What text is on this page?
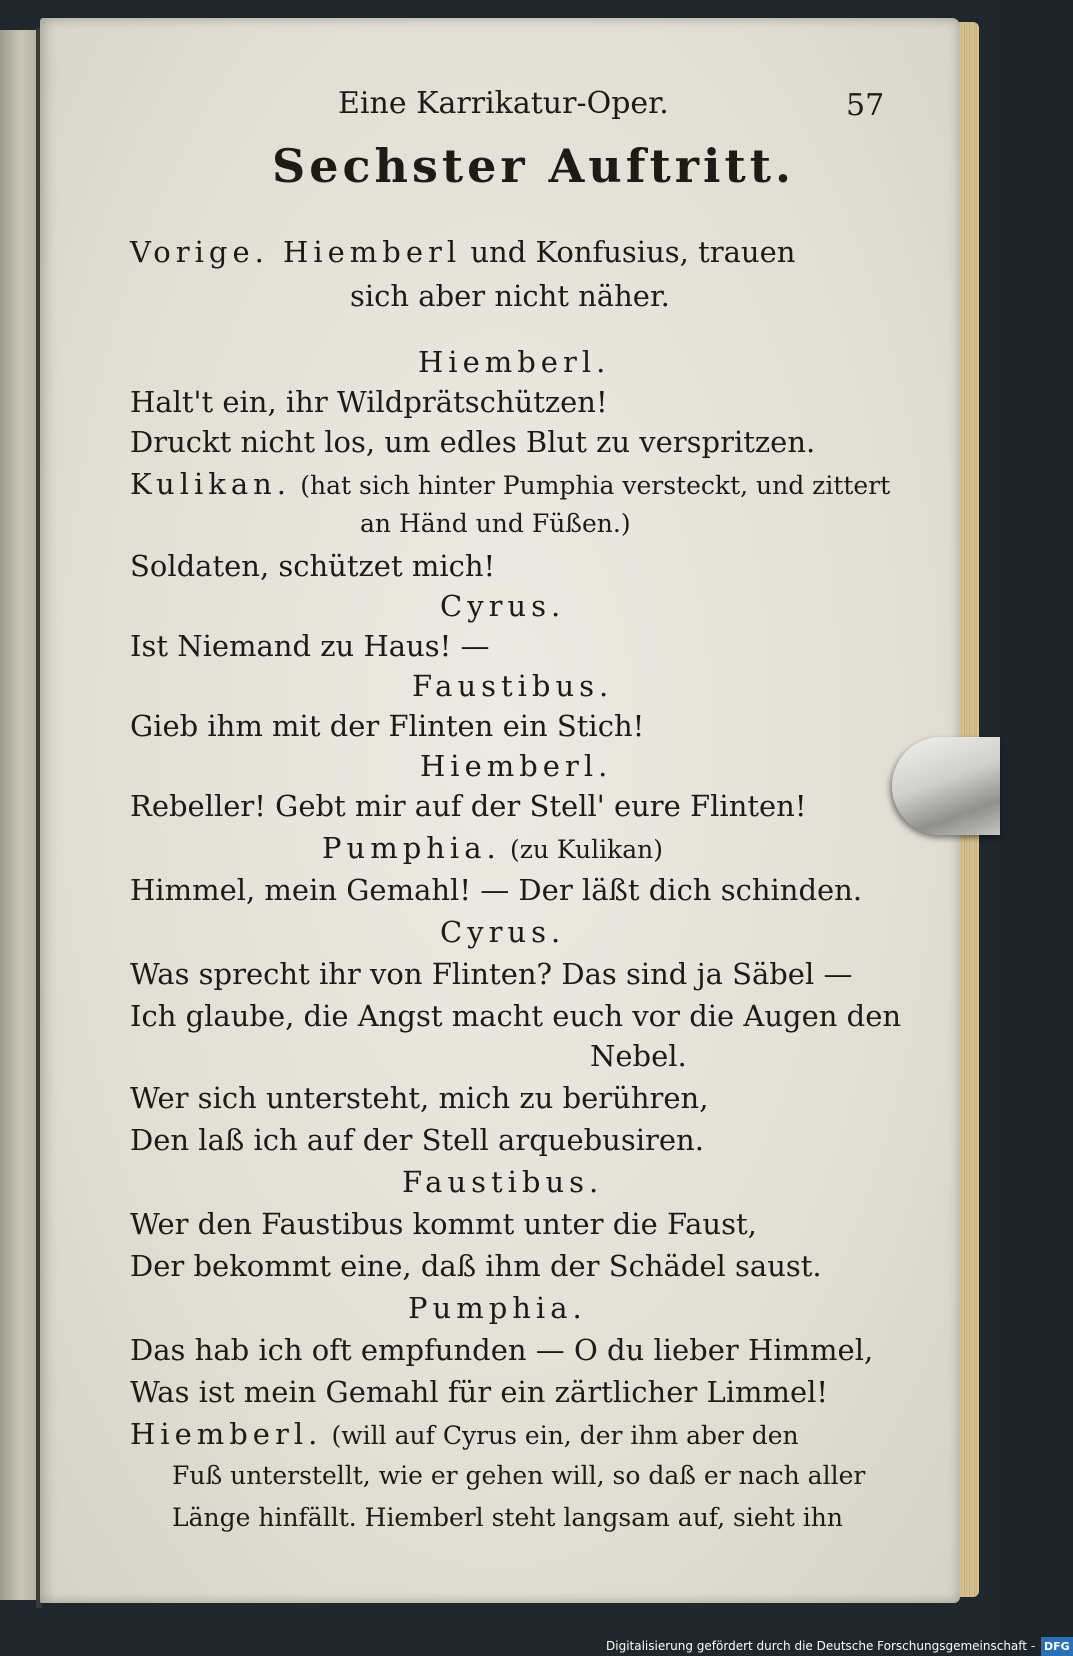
Eine Karrikatur-Oper.	57
Sechster Auftritt.
Vorige. Hiemberl und Konfusius, trauen
sich aber nicht näher.
Hiemberl.
Halt't ein, ihr Wildprätschützen!
Druckt nicht los, um edles Blut zu verspritzen.
Kulikan. (hat sich hinter Pumphia versteckt, und zittert
an Händ und Füßen.)
Soldaten, schützet mich!
Cyrus.
Ist Niemand zu Haus! —
Faustibus.
Gieb ihm mit der Flinten ein Stich!
Hiemberl.
Rebeller! Gebt mir auf der Stell' eure Flinten!
Pumphia. (zu Kulikan)
Himmel, mein Gemahl! — Der läßt dich schinden.
Cyrus.
Was sprecht ihr von Flinten? Das sind ja Säbel —
Ich glaube, die Angst macht euch vor die Augen den
Nebel.
Wer sich untersteht, mich zu berühren,
Den laß ich auf der Stell arquebusiren.
Faustibus.
Wer den Faustibus kommt unter die Faust,
Der bekommt eine, daß ihm der Schädel saust.
Pumphia.
Das hab ich oft empfunden — O du lieber Himmel,
Was ist mein Gemahl für ein zärtlicher Limmel!
Hiemberl. (will auf Cyrus ein, der ihm aber den
Fuß unterstellt, wie er gehen will, so daß er nach aller
Länge hinfällt. Hiemberl steht langsam auf, sieht ihn
Digitalisierung gefördert durch die Deutsche Forschungsgemeinschaft - DFG
